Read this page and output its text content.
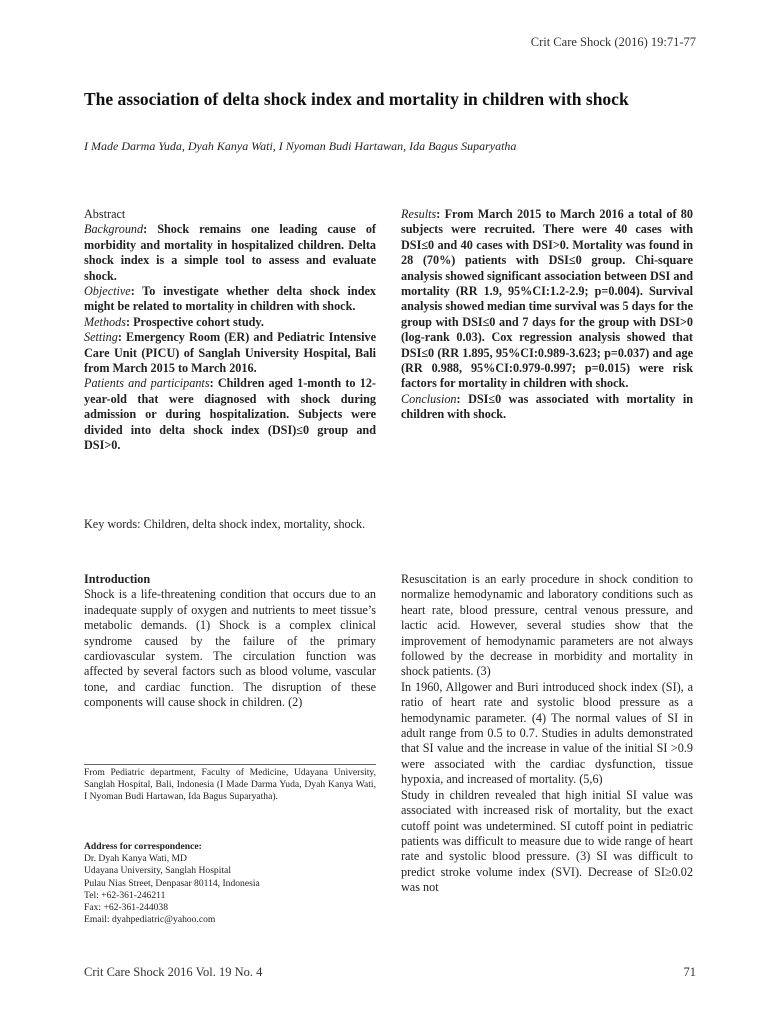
Crit Care Shock (2016) 19:71-77
The association of delta shock index and mortality in children with shock
I Made Darma Yuda, Dyah Kanya Wati, I Nyoman Budi Hartawan, Ida Bagus Suparyatha
Abstract

Background: Shock remains one leading cause of morbidity and mortality in hospitalized children. Delta shock index is a simple tool to assess and evaluate shock.

Objective: To investigate whether delta shock index might be related to mortality in children with shock.

Methods: Prospective cohort study.

Setting: Emergency Room (ER) and Pediatric Intensive Care Unit (PICU) of Sanglah University Hospital, Bali from March 2015 to March 2016.

Patients and participants: Children aged 1-month to 12-year-old that were diagnosed with shock during admission or during hospitalization. Subjects were divided into delta shock index (DSI)≤0 group and DSI>0.

Results: From March 2015 to March 2016 a total of 80 subjects were recruited. There were 40 cases with DSI≤0 and 40 cases with DSI>0. Mortality was found in 28 (70%) patients with DSI≤0 group. Chi-square analysis showed significant association between DSI and mortality (RR 1.9, 95%CI:1.2-2.9; p=0.004). Survival analysis showed median time survival was 5 days for the group with DSI≤0 and 7 days for the group with DSI>0 (log-rank 0.03). Cox regression analysis showed that DSI≤0 (RR 1.895, 95%CI:0.989-3.623; p=0.037) and age (RR 0.988, 95%CI:0.979-0.997; p=0.015) were risk factors for mortality in children with shock.

Conclusion: DSI≤0 was associated with mortality in children with shock.

Key words: Children, delta shock index, mortality, shock.
Introduction

Shock is a life-threatening condition that occurs due to an inadequate supply of oxygen and nutrients to meet tissue’s metabolic demands. (1) Shock is a complex clinical syndrome caused by the failure of the primary cardiovascular system. The circulation function was affected by several factors such as blood volume, vascular tone, and cardiac function. The disruption of these components will cause shock in children. (2)

From Pediatric department, Faculty of Medicine, Udayana University, Sanglah Hospital, Bali, Indonesia (I Made Darma Yuda, Dyah Kanya Wati, I Nyoman Budi Hartawan, Ida Bagus Suparyatha).
Address for correspondence:
Dr. Dyah Kanya Wati, MD
Udayana University, Sanglah Hospital
Pulau Nias Street, Denpasar 80114, Indonesia
Tel: +62-361-246211
Fax: +62-361-244038
Email: dyahpediatric@yahoo.com

Resuscitation is an early procedure in shock condition to normalize hemodynamic and laboratory conditions such as heart rate, blood pressure, central venous pressure, and lactic acid. However, several studies show that the improvement of hemodynamic parameters are not always followed by the decrease in morbidity and mortality in shock patients. (3)

In 1960, Allgower and Buri introduced shock index (SI), a ratio of heart rate and systolic blood pressure as a hemodynamic parameter. (4) The normal values of SI in adult range from 0.5 to 0.7. Studies in adults demonstrated that SI value and the increase in value of the initial SI >0.9 were associated with the cardiac dysfunction, tissue hypoxia, and increased of mortality. (5,6)

Study in children revealed that high initial SI value was associated with increased risk of mortality, but the exact cutoff point was undetermined. SI cutoff point in pediatric patients was difficult to measure due to wide range of heart rate and systolic blood pressure. (3) SI was difficult to predict stroke volume index (SVI). Decrease of SI≥0.02 was not

Crit Care Shock 2016 Vol. 19 No. 4	71
